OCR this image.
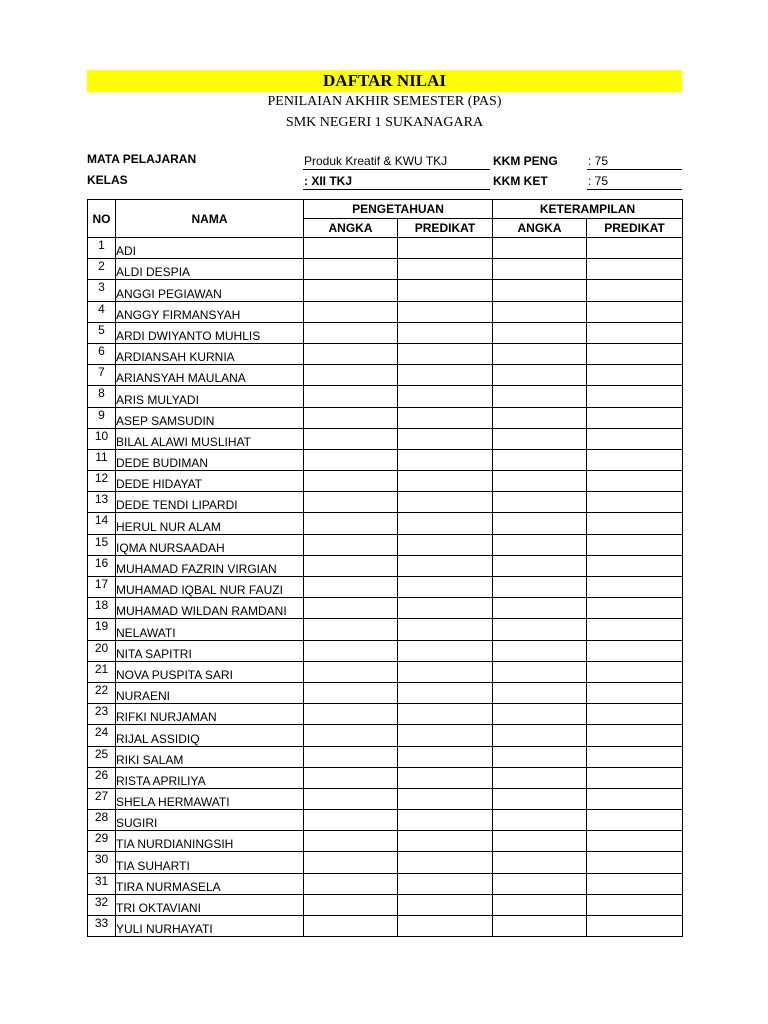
DAFTAR NILAI
PENILAIAN AKHIR SEMESTER (PAS)
SMK NEGERI 1 SUKANAGARA
MATA PELAJARAN	Produk Kreatif & KWU TKJ	KKM PENG	: 75
KELAS	: XII TKJ	KKM KET	: 75
NO	NAMA	PENGETAHUAN		KETERAMPILAN	
		ANGKA	PREDIKAT	ANGKA	PREDIKAT
1	ADI				
2	ALDI DESPIA				
3	ANGGI PEGIAWAN				
4	ANGGY FIRMANSYAH				
5	ARDI DWIYANTO MUHLIS				
6	ARDIANSAH KURNIA				
7	ARIANSYAH MAULANA				
8	ARIS MULYADI				
9	ASEP SAMSUDIN				
10	BILAL ALAWI MUSLIHAT				
11	DEDE BUDIMAN				
12	DEDE HIDAYAT				
13	DEDE TENDI LIPARDI				
14	HERUL NUR ALAM				
15	IQMA NURSAADAH				
16	MUHAMAD FAZRIN VIRGIAN				
17	MUHAMAD IQBAL NUR FAUZI				
18	MUHAMAD WILDAN RAMDANI				
19	NELAWATI				
20	NITA SAPITRI				
21	NOVA PUSPITA SARI				
22	NURAENI				
23	RIFKI NURJAMAN				
24	RIJAL ASSIDIQ				
25	RIKI SALAM				
26	RISTA APRILIYA				
27	SHELA HERMAWATI				
28	SUGIRI				
29	TIA NURDIANINGSIH				
30	TIA SUHARTI				
31	TIRA NURMASELA				
32	TRI OKTAVIANI				
33	YULI NURHAYATI				
